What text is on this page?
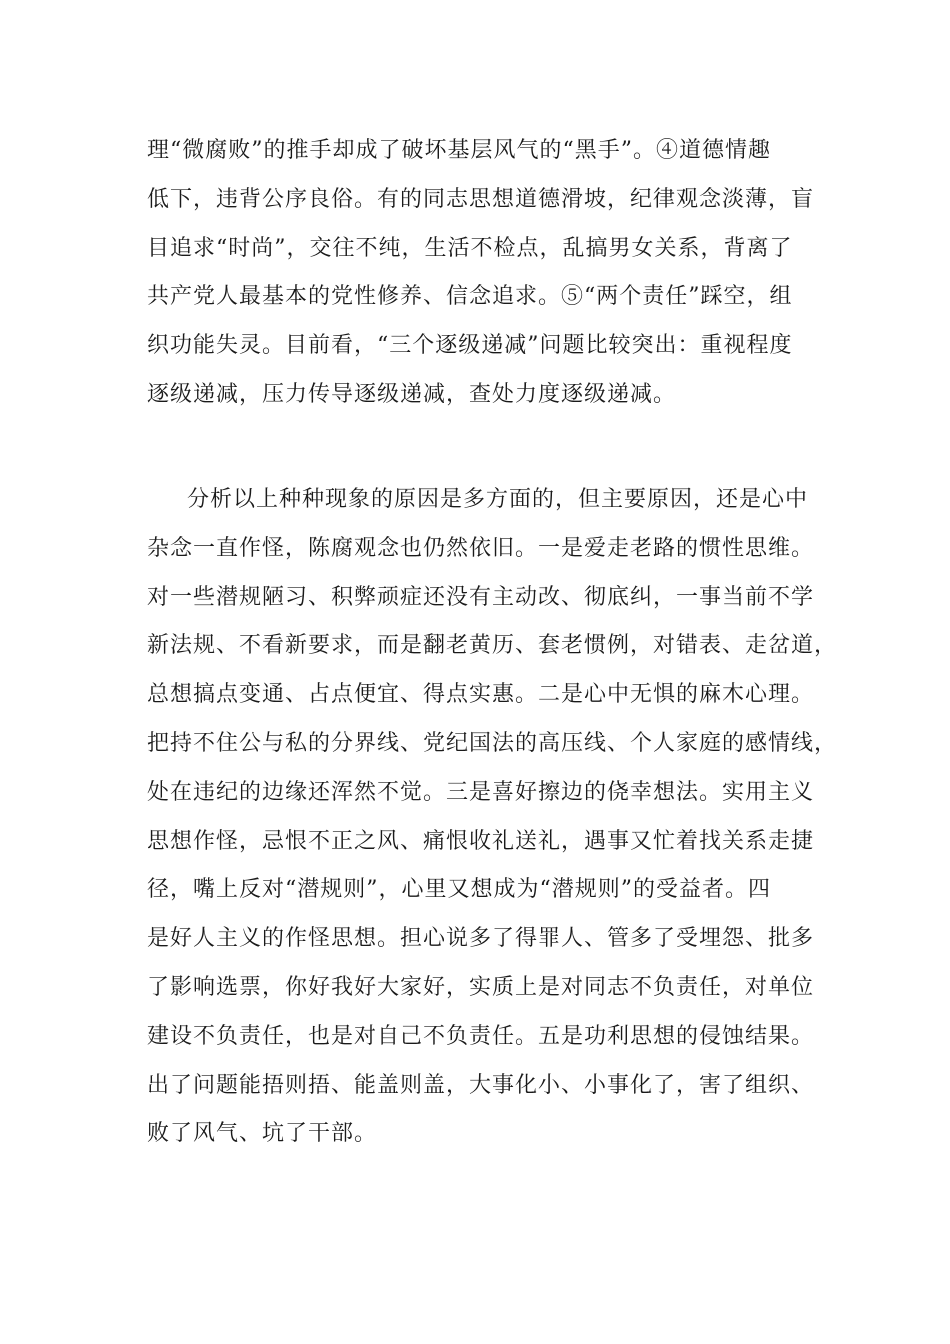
理“微腐败”的推手却成了破坏基层风气的“黑手”。④道德情趣
低下，违背公序良俗。有的同志思想道德滑坡，纪律观念淡薄，盲
目追求“时尚”，交往不纯，生活不检点，乱搞男女关系，背离了
共产党人最基本的党性修养、信念追求。⑤“两个责任”踩空，组
织功能失灵。目前看，“三个逐级递减”问题比较突出：重视程度
逐级递减，压力传导逐级递减，查处力度逐级递减。
分析以上种种现象的原因是多方面的，但主要原因，还是心中
杂念一直作怪，陈腐观念也仍然依旧。一是爱走老路的惯性思维。
对一些潜规陋习、积弊顽症还没有主动改、彻底纠，一事当前不学
新法规、不看新要求，而是翻老黄历、套老惯例，对错表、走岔道，
总想搞点变通、占点便宜、得点实惠。二是心中无惧的麻木心理。
把持不住公与私的分界线、党纪国法的高压线、个人家庭的感情线，
处在违纪的边缘还浑然不觉。三是喜好擦边的侥幸想法。实用主义
思想作怪，忌恨不正之风、痛恨收礼送礼，遇事又忙着找关系走捷
径，嘴上反对“潜规则”，心里又想成为“潜规则”的受益者。四
是好人主义的作怪思想。担心说多了得罪人、管多了受埋怨、批多
了影响选票，你好我好大家好，实质上是对同志不负责任，对单位
建设不负责任，也是对自己不负责任。五是功利思想的侵蚀结果。
出了问题能捂则捂、能盖则盖，大事化小、小事化了，害了组织、
败了风气、坑了干部。
